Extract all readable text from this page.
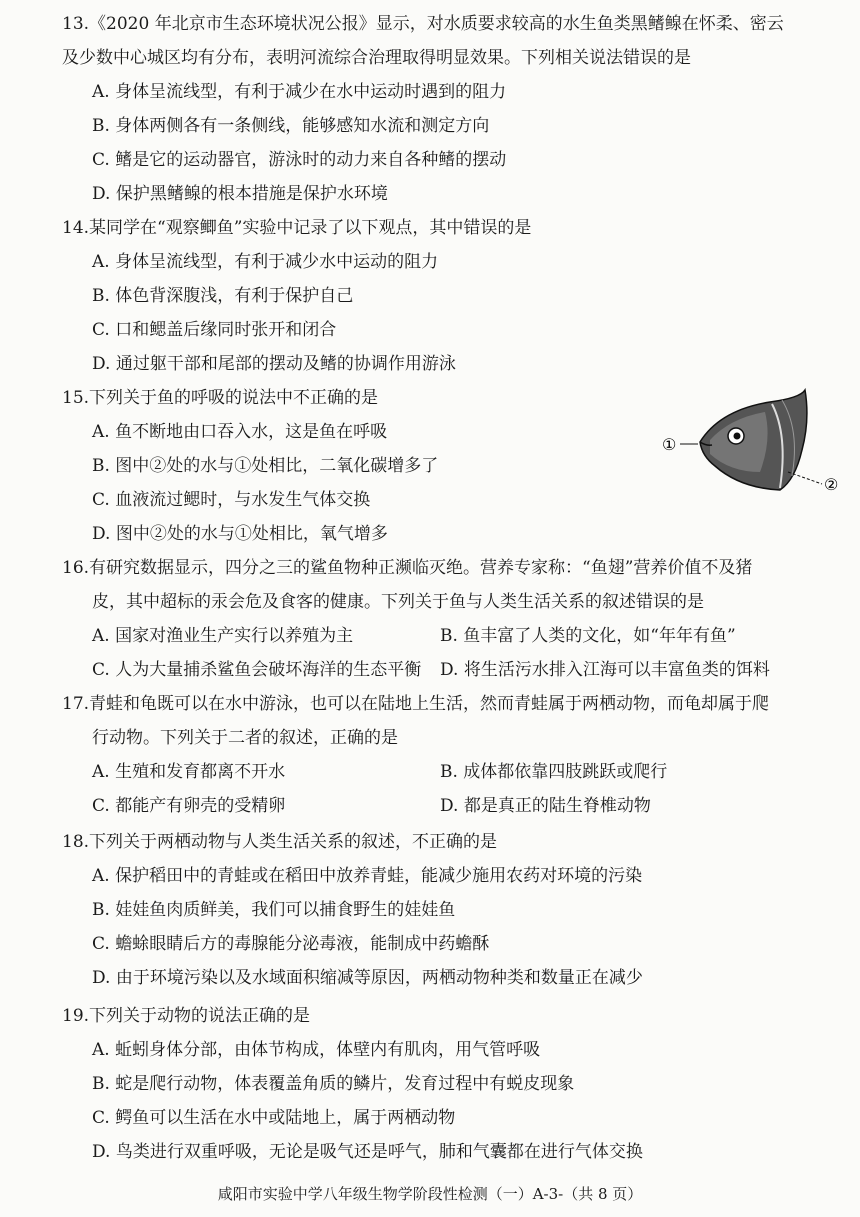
13.《2020 年北京市生态环境状况公报》显示，对水质要求较高的水生鱼类黑鳍鳈在怀柔、密云
及少数中心城区均有分布，表明河流综合治理取得明显效果。下列相关说法错误的是
A. 身体呈流线型，有利于减少在水中运动时遇到的阻力
B. 身体两侧各有一条侧线，能够感知水流和测定方向
C. 鳍是它的运动器官，游泳时的动力来自各种鳍的摆动
D. 保护黑鳍鳈的根本措施是保护水环境
14.某同学在“观察鲫鱼”实验中记录了以下观点，其中错误的是
A. 身体呈流线型，有利于减少水中运动的阻力
B. 体色背深腹浅，有利于保护自己
C. 口和鳃盖后缘同时张开和闭合
D. 通过躯干部和尾部的摆动及鳍的协调作用游泳
15.下列关于鱼的呼吸的说法中不正确的是
A. 鱼不断地由口吞入水，这是鱼在呼吸
B. 图中②处的水与①处相比，二氧化碳增多了
C. 血液流过鳃时，与水发生气体交换
D. 图中②处的水与①处相比，氧气增多
①
②
16.有研究数据显示，四分之三的鲨鱼物种正濒临灭绝。营养专家称：“鱼翅”营养价值不及猪
皮，其中超标的汞会危及食客的健康。下列关于鱼与人类生活关系的叙述错误的是
A. 国家对渔业生产实行以养殖为主	B. 鱼丰富了人类的文化，如“年年有鱼”
C. 人为大量捕杀鲨鱼会破坏海洋的生态平衡 D. 将生活污水排入江海可以丰富鱼类的饵料
17.青蛙和龟既可以在水中游泳，也可以在陆地上生活，然而青蛙属于两栖动物，而龟却属于爬
行动物。下列关于二者的叙述，正确的是
A. 生殖和发育都离不开水	B. 成体都依靠四肢跳跃或爬行
C. 都能产有卵壳的受精卵	D. 都是真正的陆生脊椎动物
18.下列关于两栖动物与人类生活关系的叙述，不正确的是
A. 保护稻田中的青蛙或在稻田中放养青蛙，能减少施用农药对环境的污染
B. 娃娃鱼肉质鲜美，我们可以捕食野生的娃娃鱼
C. 蟾蜍眼睛后方的毒腺能分泌毒液，能制成中药蟾酥
D. 由于环境污染以及水域面积缩减等原因，两栖动物种类和数量正在减少
19.下列关于动物的说法正确的是
A. 蚯蚓身体分部，由体节构成，体壁内有肌肉，用气管呼吸
B. 蛇是爬行动物，体表覆盖角质的鳞片，发育过程中有蜕皮现象
C. 鳄鱼可以生活在水中或陆地上，属于两栖动物
D. 鸟类进行双重呼吸，无论是吸气还是呼气，肺和气囊都在进行气体交换
咸阳市实验中学八年级生物学阶段性检测（一）A-3-（共 8 页）
